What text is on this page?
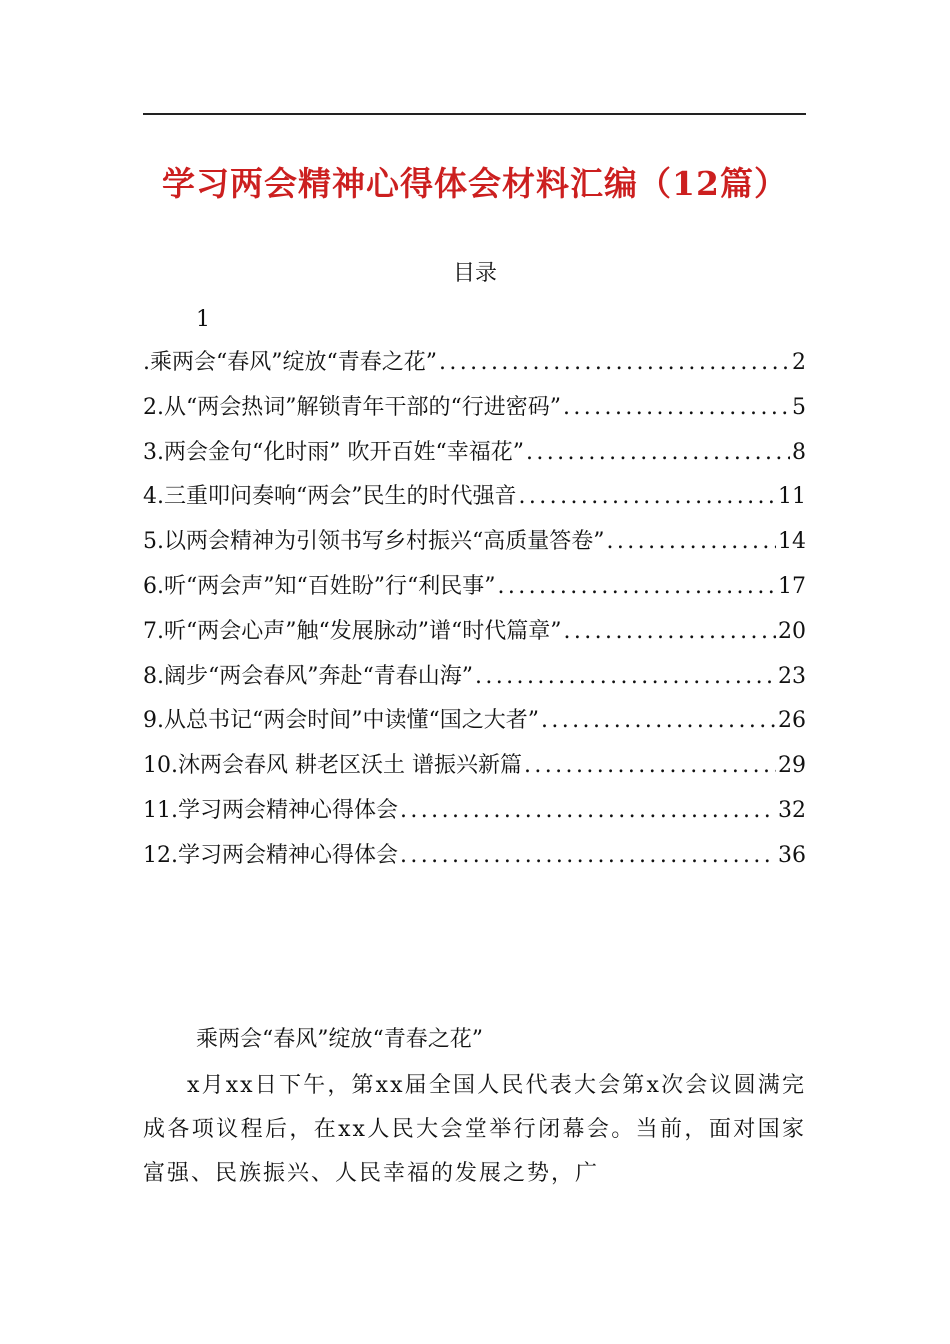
学习两会精神心得体会材料汇编（12篇）
目录
1
.乘两会“春风”绽放“青春之花” .....	2
2.从“两会热词”解锁青年干部的“行进密码” .....	5
3.两会金句“化时雨” 吹开百姓“幸福花” .....	8
4.三重叩问奏响“两会”民生的时代强音 .....	11
5.以两会精神为引领书写乡村振兴“高质量答卷” .....	14
6.听“两会声”知“百姓盼”行“利民事” .....	17
7.听“两会心声”触“发展脉动”谱“时代篇章” .....	20
8.阔步“两会春风”奔赴“青春山海” .....	23
9.从总书记“两会时间”中读懂“国之大者” .....	26
10.沐两会春风 耕老区沃土 谱振兴新篇 .....	29
11.学习两会精神心得体会 .....	32
12.学习两会精神心得体会 .....	36
乘两会“春风”绽放“青春之花”

x月xx日下午，第xx届全国人民代表大会第x次会议圆满完成各项议程后，在xx人民大会堂举行闭幕会。当前，面对国家富强、民族振兴、人民幸福的发展之势，广
